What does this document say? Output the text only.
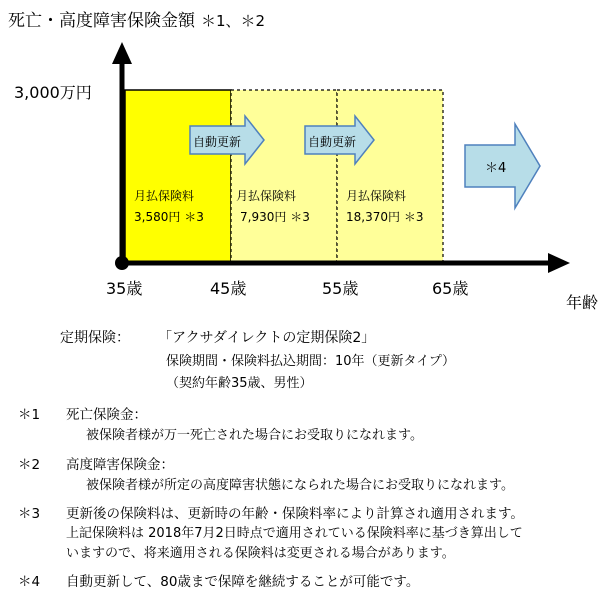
死亡・高度障害保険金額 ＊1、＊2
3,000万円
35歳	45歳	55歳	65歳
年齢
自動更新	自動更新
＊4
月払保険料
3,580円 ＊3
月払保険料
7,930円 ＊3
月払保険料
18,370円 ＊3
定期保険： 「アクサダイレクトの定期保険2」
保険期間・保険料払込期間：10年（更新タイプ）
（契約年齢35歳、男性）
＊1 死亡保険金：
被保険者様が万一死亡された場合にお受取りになれます。
＊2 高度障害保険金：
被保険者様が所定の高度障害状態になられた場合にお受取りになれます。
＊3 更新後の保険料は、更新時の年齢・保険料率により計算され適用されます。
上記保険料は 2018年7月2日時点で適用されている保険料率に基づき算出して
いますので、将来適用される保険料は変更される場合があります。
＊4 自動更新して、80歳まで保障を継続することが可能です。
